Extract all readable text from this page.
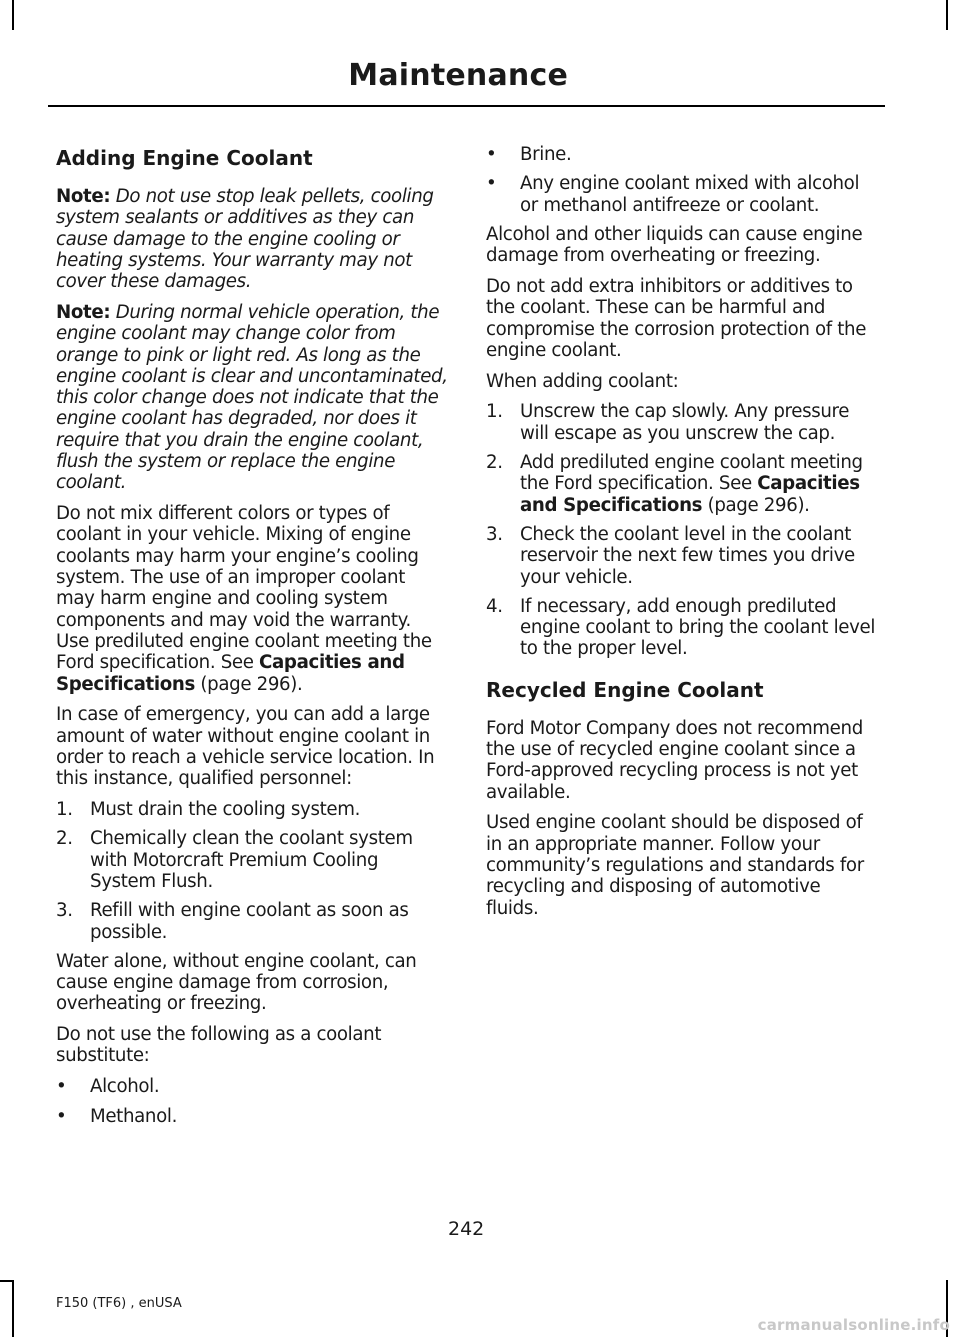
Maintenance
Adding Engine Coolant
Note: Do not use stop leak pellets, cooling system sealants or additives as they can cause damage to the engine cooling or heating systems. Your warranty may not cover these damages.
Note: During normal vehicle operation, the engine coolant may change color from orange to pink or light red. As long as the engine coolant is clear and uncontaminated, this color change does not indicate that the engine coolant has degraded, nor does it require that you drain the engine coolant, flush the system or replace the engine coolant.
Do not mix different colors or types of coolant in your vehicle. Mixing of engine coolants may harm your engine’s cooling system. The use of an improper coolant may harm engine and cooling system components and may void the warranty. Use prediluted engine coolant meeting the Ford specification. See Capacities and Specifications (page 296).
In case of emergency, you can add a large amount of water without engine coolant in order to reach a vehicle service location. In this instance, qualified personnel:
1. Must drain the cooling system.
2. Chemically clean the coolant system with Motorcraft Premium Cooling System Flush.
3. Refill with engine coolant as soon as possible.
Water alone, without engine coolant, can cause engine damage from corrosion, overheating or freezing.
Do not use the following as a coolant substitute:
•	Alcohol.
•	Methanol.
•	Brine.
•	Any engine coolant mixed with alcohol or methanol antifreeze or coolant.
Alcohol and other liquids can cause engine damage from overheating or freezing.
Do not add extra inhibitors or additives to the coolant. These can be harmful and compromise the corrosion protection of the engine coolant.
When adding coolant:
1. Unscrew the cap slowly. Any pressure will escape as you unscrew the cap.
2. Add prediluted engine coolant meeting the Ford specification. See Capacities and Specifications (page 296).
3. Check the coolant level in the coolant reservoir the next few times you drive your vehicle.
4. If necessary, add enough prediluted engine coolant to bring the coolant level to the proper level.
Recycled Engine Coolant
Ford Motor Company does not recommend the use of recycled engine coolant since a Ford-approved recycling process is not yet available.
Used engine coolant should be disposed of in an appropriate manner. Follow your community’s regulations and standards for recycling and disposing of automotive fluids.
242
F150 (TF6) , enUSA
carmanualsonline.info
